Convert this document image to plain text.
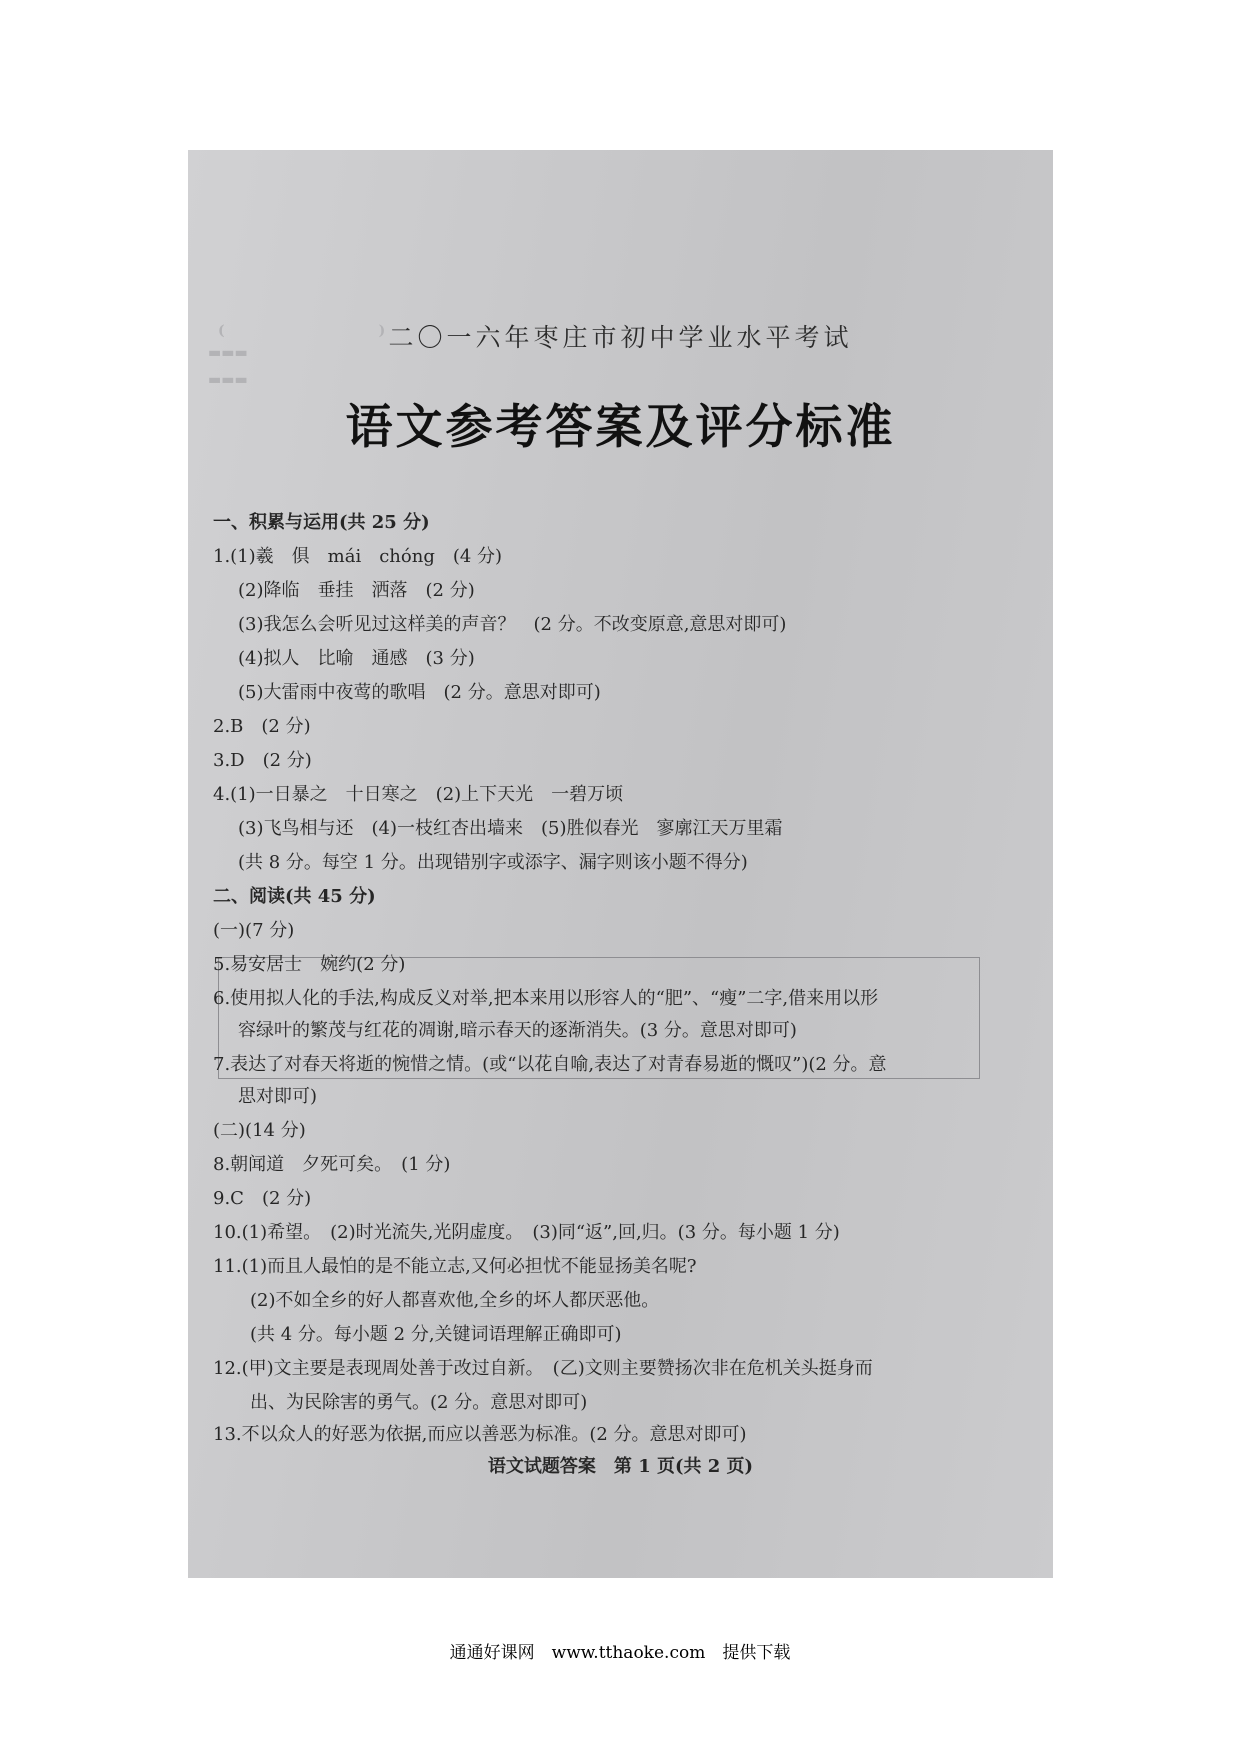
(　　　　　　　　　　　)
▬▬▬
▬▬▬
二〇一六年枣庄市初中学业水平考试
语文参考答案及评分标准
一、积累与运用(共 25 分)
1.(1)羲　俱　mái　chóng　(4 分)
(2)降临　垂挂　洒落　(2 分)
(3)我怎么会听见过这样美的声音？　(2 分。不改变原意,意思对即可)
(4)拟人　比喻　通感　(3 分)
(5)大雷雨中夜莺的歌唱　(2 分。意思对即可)
2.B　(2 分)
3.D　(2 分)
4.(1)一日暴之　十日寒之　(2)上下天光　一碧万顷
(3)飞鸟相与还　(4)一枝红杏出墙来　(5)胜似春光　寥廓江天万里霜
(共 8 分。每空 1 分。出现错别字或添字、漏字则该小题不得分)
二、阅读(共 45 分)
(一)(7 分)
5.易安居士　婉约(2 分)
6.使用拟人化的手法,构成反义对举,把本来用以形容人的“肥”、“瘦”二字,借来用以形
容绿叶的繁茂与红花的凋谢,暗示春天的逐渐消失。(3 分。意思对即可)
7.表达了对春天将逝的惋惜之情。(或“以花自喻,表达了对青春易逝的慨叹”)(2 分。意
思对即可)
(二)(14 分)
8.朝闻道　夕死可矣。　(1 分)
9.C　(2 分)
10.(1)希望。　(2)时光流失,光阴虚度。　(3)同“返”,回,归。(3 分。每小题 1 分)
11.(1)而且人最怕的是不能立志,又何必担忧不能显扬美名呢?
(2)不如全乡的好人都喜欢他,全乡的坏人都厌恶他。
(共 4 分。每小题 2 分,关键词语理解正确即可)
12.(甲)文主要是表现周处善于改过自新。　(乙)文则主要赞扬次非在危机关头挺身而
出、为民除害的勇气。(2 分。意思对即可)
13.不以众人的好恶为依据,而应以善恶为标准。(2 分。意思对即可)
语文试题答案　第 1 页(共 2 页)
通通好课网　www.tthaoke.com　提供下载
